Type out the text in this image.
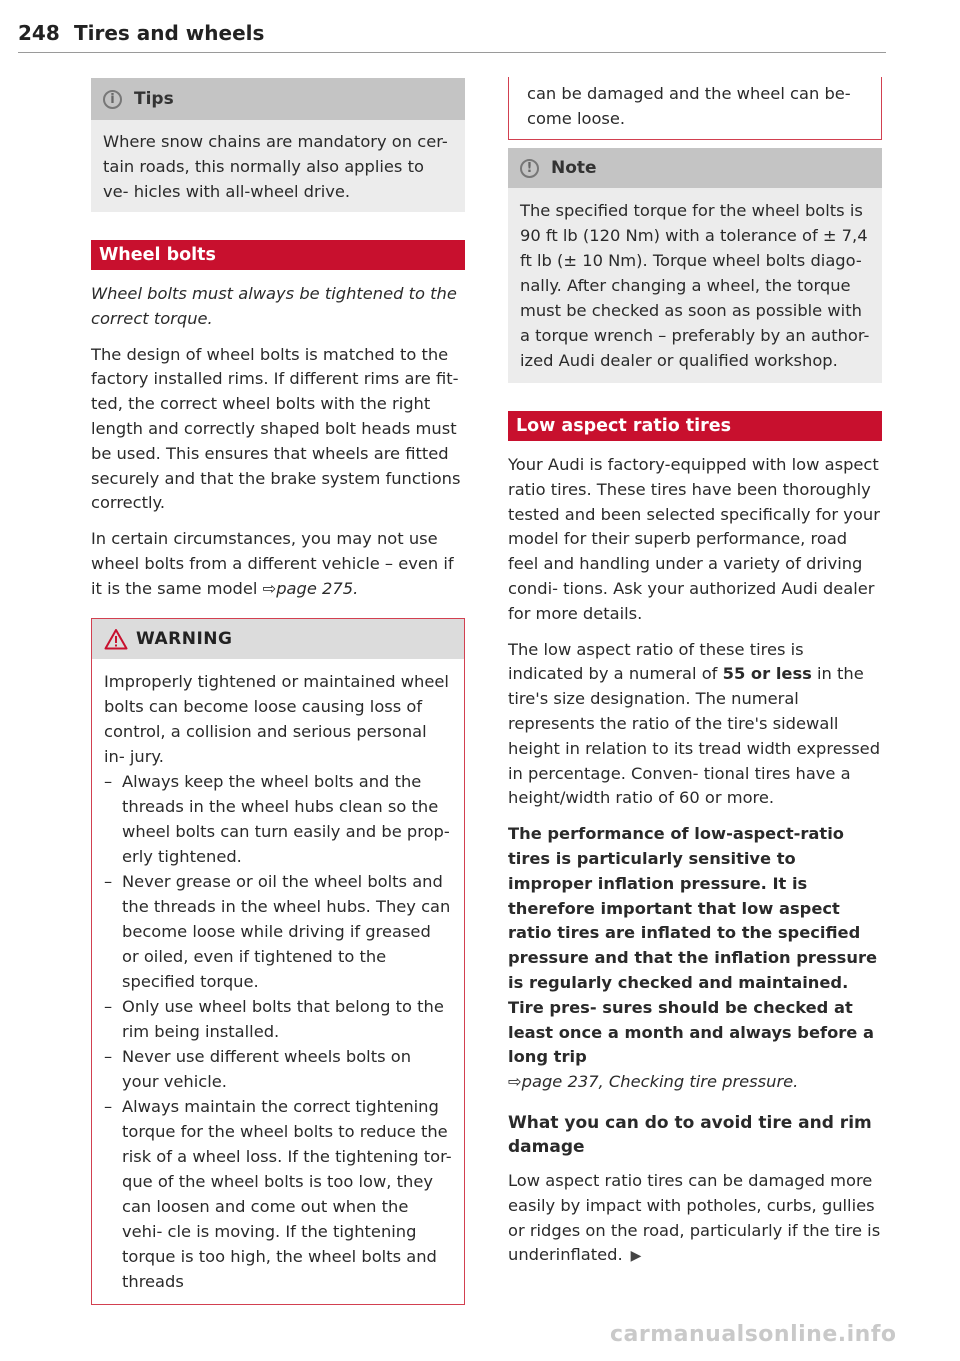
248 Tires and wheels
i	Tips
Where snow chains are mandatory on cer- tain roads, this normally also applies to ve- hicles with all-wheel drive.
Wheel bolts

Wheel bolts must always be tightened to the correct torque.

The design of wheel bolts is matched to the factory installed rims. If different rims are fit- ted, the correct wheel bolts with the right length and correctly shaped bolt heads must be used. This ensures that wheels are fitted securely and that the brake system functions correctly.

In certain circumstances, you may not use wheel bolts from a different vehicle – even if it is the same model ⇨page 275.

WARNING
Improperly tightened or maintained wheel bolts can become loose causing loss of control, a collision and serious personal in- jury.
– Always keep the wheel bolts and the threads in the wheel hubs clean so the wheel bolts can turn easily and be prop- erly tightened.
– Never grease or oil the wheel bolts and the threads in the wheel hubs. They can become loose while driving if greased or oiled, even if tightened to the specified torque.
– Only use wheel bolts that belong to the rim being installed.
– Never use different wheels bolts on your vehicle.
– Always maintain the correct tightening torque for the wheel bolts to reduce the risk of a wheel loss. If the tightening tor- que of the wheel bolts is too low, they can loosen and come out when the vehi- cle is moving. If the tightening torque is too high, the wheel bolts and threads
can be damaged and the wheel can be- come loose.
!	Note
The specified torque for the wheel bolts is 90 ft lb (120 Nm) with a tolerance of ± 7,4 ft lb (± 10 Nm). Torque wheel bolts diago- nally. After changing a wheel, the torque must be checked as soon as possible with a torque wrench – preferably by an author- ized Audi dealer or qualified workshop.
Low aspect ratio tires

Your Audi is factory-equipped with low aspect ratio tires. These tires have been thoroughly tested and been selected specifically for your model for their superb performance, road feel and handling under a variety of driving condi- tions. Ask your authorized Audi dealer for more details.

The low aspect ratio of these tires is indicated by a numeral of 55 or less in the tire's size designation. The numeral represents the ratio of the tire's sidewall height in relation to its tread width expressed in percentage. Conven- tional tires have a height/width ratio of 60 or more.

The performance of low-aspect-ratio tires is particularly sensitive to improper inflation pressure. It is therefore important that low aspect ratio tires are inflated to the specified pressure and that the inflation pressure is regularly checked and maintained. Tire pres- sures should be checked at least once a month and always before a long trip
⇨page 237, Checking tire pressure.

What you can do to avoid tire and rim damage

Low aspect ratio tires can be damaged more easily by impact with potholes, curbs, gullies or ridges on the road, particularly if the tire is underinflated. ▶

carmanualsonline.info
